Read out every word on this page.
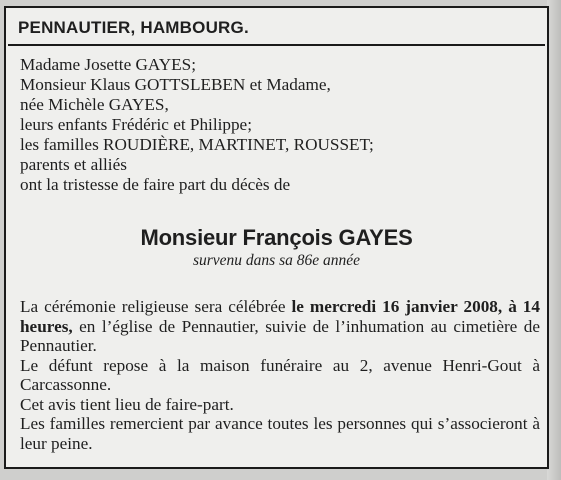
PENNAUTIER, HAMBOURG.
Madame Josette GAYES;
Monsieur Klaus GOTTSLEBEN et Madame,
née Michèle GAYES,
leurs enfants Frédéric et Philippe;
les familles ROUDIÈRE, MARTINET, ROUSSET;
parents et alliés
ont la tristesse de faire part du décès de
Monsieur François GAYES
survenu dans sa 86e année

La cérémonie religieuse sera célébrée le mercredi 16 janvier 2008, à 14 heures, en l’église de Pennautier, suivie de l’inhumation au cimetière de Pennautier.

Le défunt repose à la maison funéraire au 2, avenue Henri-Gout à Carcassonne.

Cet avis tient lieu de faire-part.

Les familles remercient par avance toutes les personnes qui s’associeront à leur peine.
